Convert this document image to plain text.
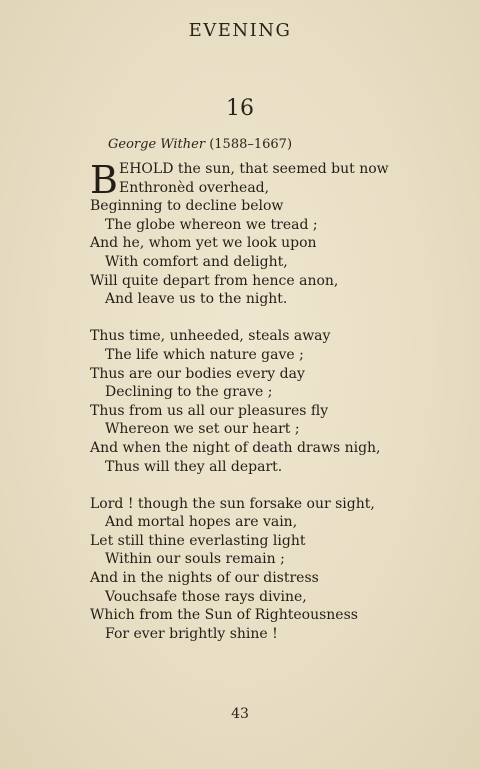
EVENING
16
George Wither (1588–1667)
B EHOLD the sun, that seemed but now
Enthronèd overhead,
Beginning to decline below
The globe whereon we tread ;
And he, whom yet we look upon
With comfort and delight,
Will quite depart from hence anon,
And leave us to the night.
Thus time, unheeded, steals away
The life which nature gave ;
Thus are our bodies every day
Declining to the grave ;
Thus from us all our pleasures fly
Whereon we set our heart ;
And when the night of death draws nigh,
Thus will they all depart.
Lord ! though the sun forsake our sight,
And mortal hopes are vain,
Let still thine everlasting light
Within our souls remain ;
And in the nights of our distress
Vouchsafe those rays divine,
Which from the Sun of Righteousness
For ever brightly shine !
43
